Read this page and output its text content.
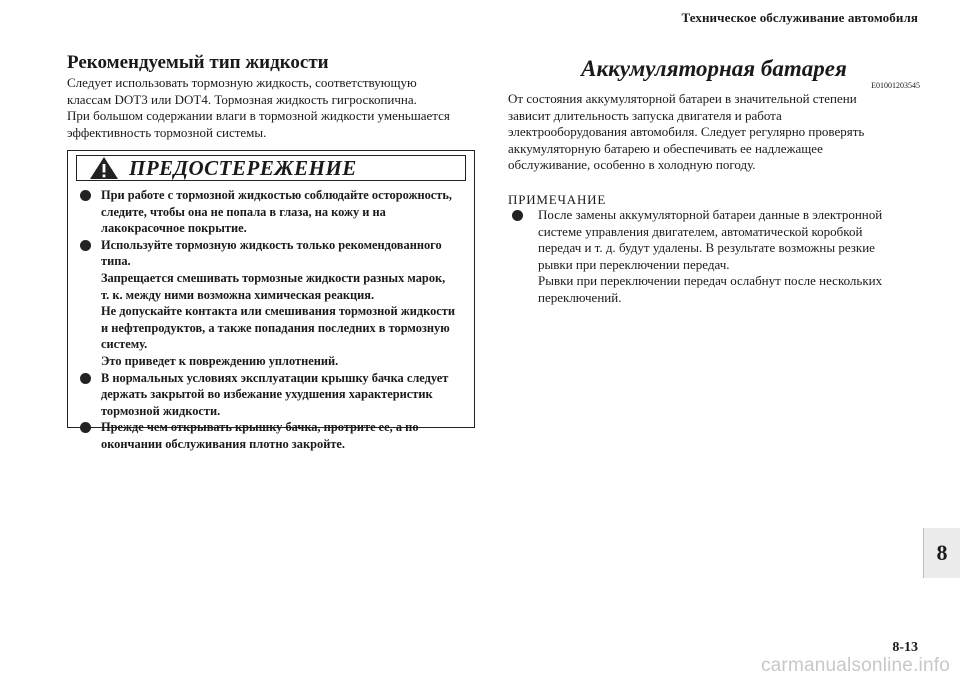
Техническое обслуживание автомобиля
Рекомендуемый тип жидкости
Следует использовать тормозную жидкость, соответствующую
классам DOT3 или DOT4. Тормозная жидкость гигроскопична.
При большом содержании влаги в тормозной жидкости уменьшается
эффективность тормозной системы.
ПРЕДОСТЕРЕЖЕНИЕ
При работе с тормозной жидкостью соблюдайте осторожность,
следите, чтобы она не попала в глаза, на кожу и на
лакокрасочное покрытие.
Используйте тормозную жидкость только рекомендованного
типа.
Запрещается смешивать тормозные жидкости разных марок,
т. к. между ними возможна химическая реакция.
Не допускайте контакта или смешивания тормозной жидкости
и нефтепродуктов, а также попадания последних в тормозную
систему.
Это приведет к повреждению уплотнений.
В нормальных условиях эксплуатации крышку бачка следует
держать закрытой во избежание ухудшения характеристик
тормозной жидкости.
Прежде чем открывать крышку бачка, протрите ее, а по
окончании обслуживания плотно закройте.
Аккумуляторная батарея
E01001203545
От состояния аккумуляторной батареи в значительной степени
зависит длительность запуска двигателя и работа
электрооборудования автомобиля. Следует регулярно проверять
аккумуляторную батарею и обеспечивать ее надлежащее
обслуживание, особенно в холодную погоду.
ПРИМЕЧАНИЕ
После замены аккумуляторной батареи данные в электронной
системе управления двигателем, автоматической коробкой
передач и т. д. будут удалены. В результате возможны резкие
рывки при переключении передач.
Рывки при переключении передач ослабнут после нескольких
переключений.
8
8-13
carmanualsonline.info
